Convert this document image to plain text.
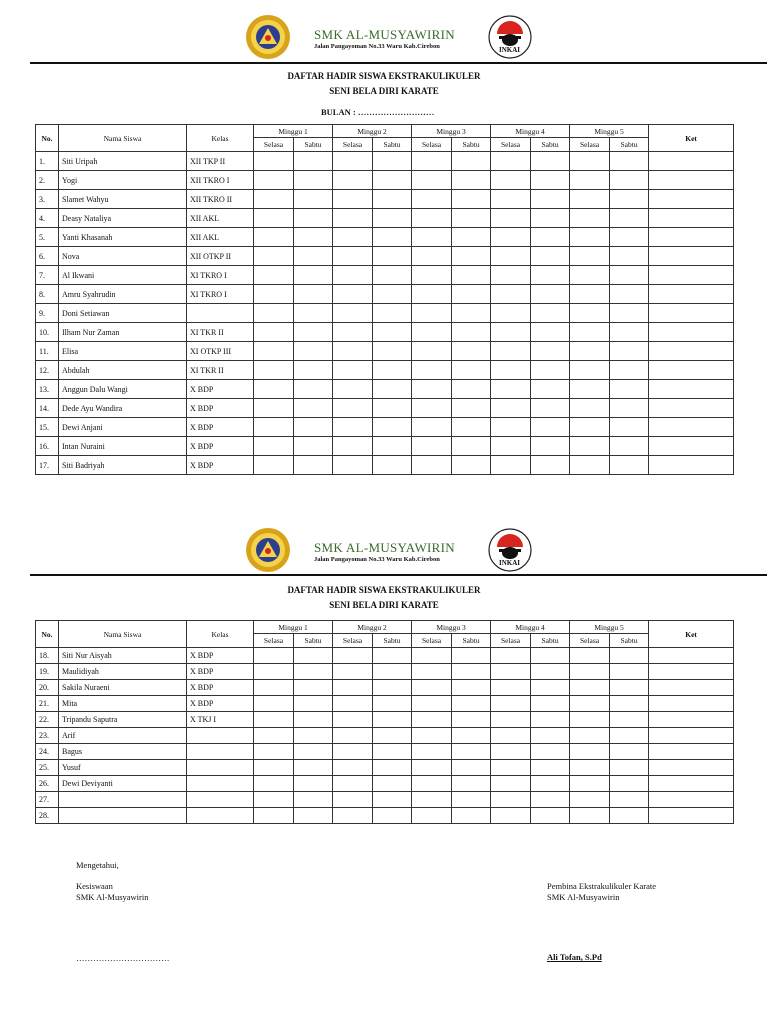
SMK AL-MUSYAWIRIN
Jalan Pangayoman No.33 Waru Kab.Cirebon	INKAI
DAFTAR HADIR SISWA EKSTRAKULIKULER
SENI BELA DIRI KARATE
BULAN : ………………………
No.	Nama Siswa	Kelas	Minggu 1		Minggu 2		Minggu 3		Minggu 4		Minggu 5		Ket
			Selasa	Sabtu	Selasa	Sabtu	Selasa	Sabtu	Selasa	Sabtu	Selasa	Sabtu	
1.	Siti Uripah	XII TKP II											
2.	Yogi	XII TKRO I											
3.	Slamet Wahyu	XII TKRO II											
4.	Deasy Nataliya	XII AKL											
5.	Yanti Khasanah	XII AKL											
6.	Nova	XII OTKP II											
7.	Al Ikwani	XI TKRO I											
8.	Amru Syahrudin	XI TKRO I											
9.	Doni Setiawan												
10.	Ilham Nur Zaman	XI TKR II											
11.	Elisa	XI OTKP III											
12.	Abdulah	XI TKR II											
13.	Anggun Dalu Wangi	X BDP											
14.	Dede Ayu Wandira	X BDP											
15.	Dewi Anjani	X BDP											
16.	Intan Nuraini	X BDP											
17.	Siti Badriyah	X BDP											
SMK AL-MUSYAWIRIN
Jalan Pangayoman No.33 Waru Kab.Cirebon	INKAI
DAFTAR HADIR SISWA EKSTRAKULIKULER
SENI BELA DIRI KARATE
No.	Nama Siswa	Kelas	Minggu 1		Minggu 2		Minggu 3		Minggu 4		Minggu 5		Ket
			Selasa	Sabtu	Selasa	Sabtu	Selasa	Sabtu	Selasa	Sabtu	Selasa	Sabtu	
18.	Siti Nur Aisyah	X BDP											
19.	Maulidiyah	X BDP											
20.	Sakila Nuraeni	X BDP											
21.	Mita	X BDP											
22.	Tripandu Saputra	X TKJ I											
23.	Arif												
24.	Bagus												
25.	Yusuf												
26.	Dewi Deviyanti												
27.													
28.													
Mengetahui,
Kesiswaan
SMK Al-Musyawirin
……………………………
Pembina Ekstrakulikuler Karate
SMK Al-Musyawirin
Ali Tofan, S.Pd
